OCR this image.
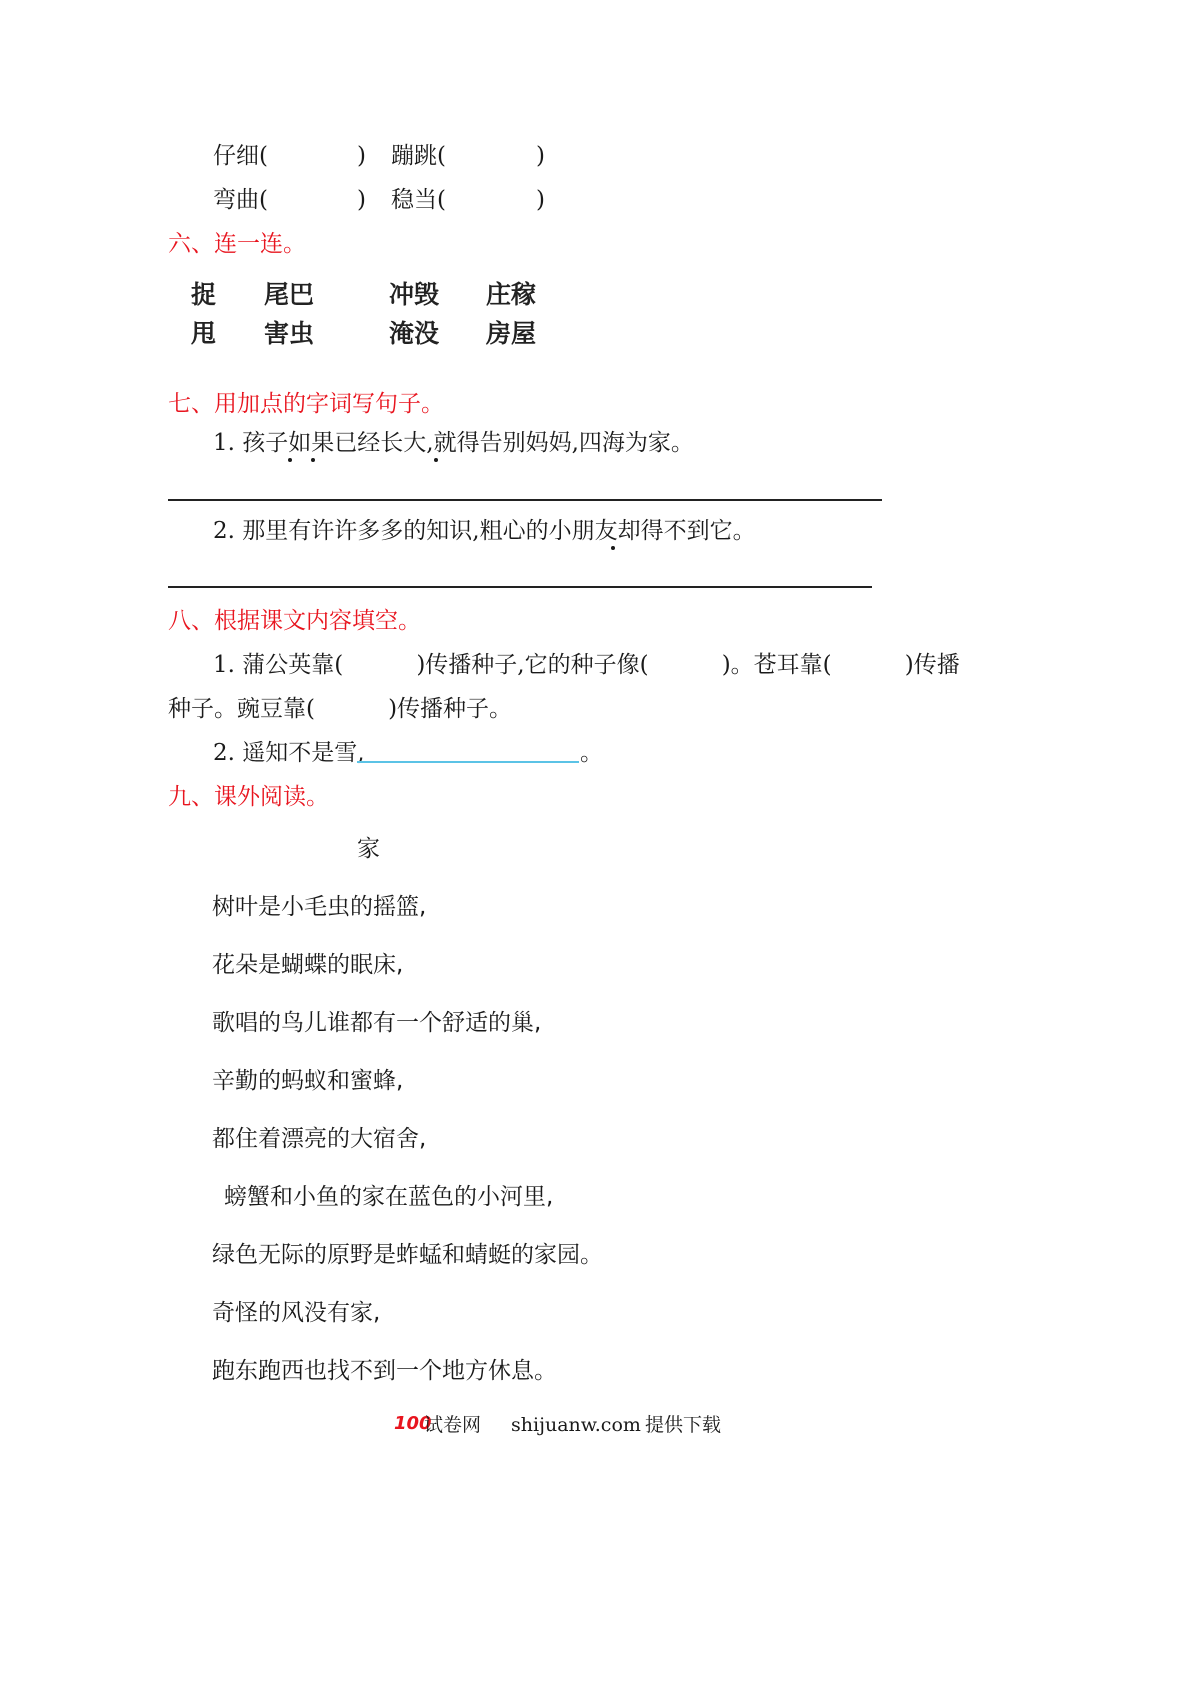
仔细(	) 蹦跳(	)
弯曲(	) 稳当(	)
六、连一连。
捉 尾巴	冲毁 庄稼
甩 害虫	淹没 房屋
七、用加点的字词写句子。
1. 孩子如果已经长大,就得告别妈妈,四海为家。
2. 那里有许许多多的知识,粗心的小朋友却得不到它。
八、根据课文内容填空。
1. 蒲公英靠(          )传播种子,它的种子像(          )。苍耳靠(          )传播
种子。豌豆靠(          )传播种子。
2. 遥知不是雪,	。
九、课外阅读。
家
树叶是小毛虫的摇篮,
花朵是蝴蝶的眠床,
歌唱的鸟儿谁都有一个舒适的巢,
辛勤的蚂蚁和蜜蜂,
都住着漂亮的大宿舍,
螃蟹和小鱼的家在蓝色的小河里,
绿色无际的原野是蚱蜢和蜻蜓的家园。
奇怪的风没有家,
跑东跑西也找不到一个地方休息。
100
试卷网 shijuanw.com 提供下载
